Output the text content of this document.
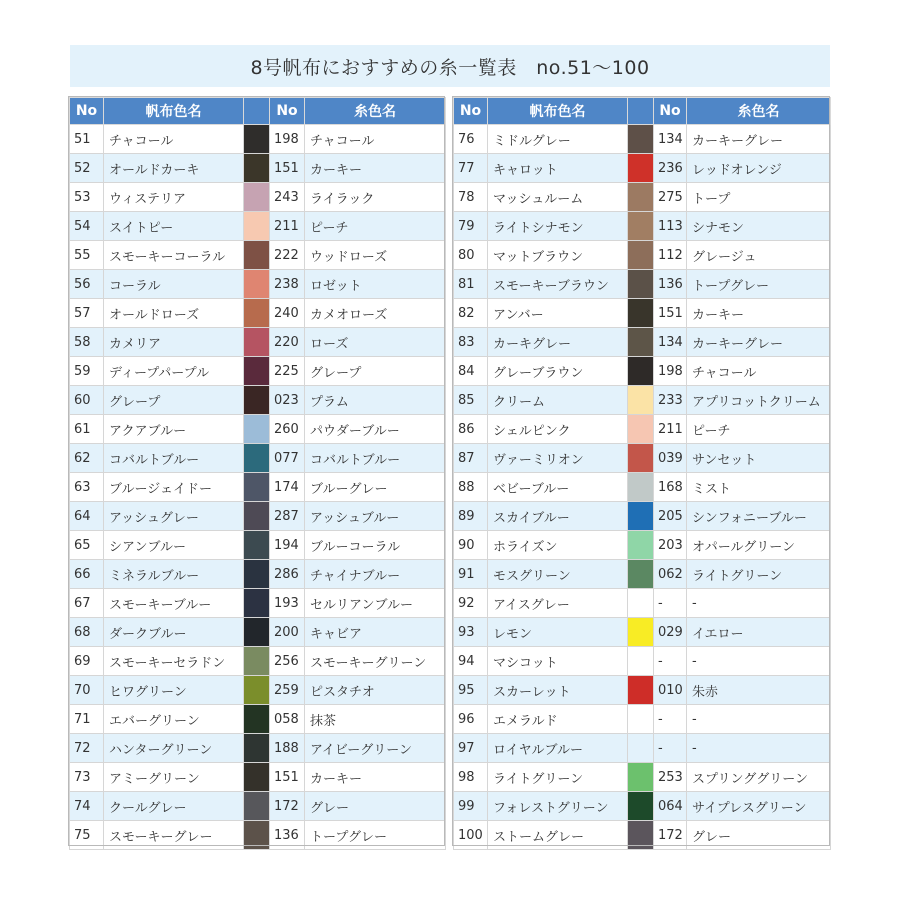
8号帆布におすすめの糸一覧表　no.51～100
No	帆布色名		No	糸色名
51	チャコール		198	チャコール
52	オールドカーキ		151	カーキー
53	ウィステリア		243	ライラック
54	スイトピー		211	ピーチ
55	スモーキーコーラル		222	ウッドローズ
56	コーラル		238	ロゼット
57	オールドローズ		240	カメオローズ
58	カメリア		220	ローズ
59	ディープパープル		225	グレープ
60	グレープ		023	プラム
61	アクアブルー		260	パウダーブルー
62	コバルトブルー		077	コバルトブルー
63	ブルージェイドー		174	ブルーグレー
64	アッシュグレー		287	アッシュブルー
65	シアンブルー		194	ブルーコーラル
66	ミネラルブルー		286	チャイナブルー
67	スモーキーブルー		193	セルリアンブルー
68	ダークブルー		200	キャビア
69	スモーキーセラドン		256	スモーキーグリーン
70	ヒワグリーン		259	ピスタチオ
71	エバーグリーン		058	抹茶
72	ハンターグリーン		188	アイビーグリーン
73	アミーグリーン		151	カーキー
74	クールグレー		172	グレー
75	スモーキーグレー		136	トープグレー
No	帆布色名		No	糸色名
76	ミドルグレー		134	カーキーグレー
77	キャロット		236	レッドオレンジ
78	マッシュルーム		275	トープ
79	ライトシナモン		113	シナモン
80	マットブラウン		112	グレージュ
81	スモーキーブラウン		136	トープグレー
82	アンバー		151	カーキー
83	カーキグレー		134	カーキーグレー
84	グレーブラウン		198	チャコール
85	クリーム		233	アプリコットクリーム
86	シェルピンク		211	ピーチ
87	ヴァーミリオン		039	サンセット
88	ベビーブルー		168	ミスト
89	スカイブルー		205	シンフォニーブルー
90	ホライズン		203	オパールグリーン
91	モスグリーン		062	ライトグリーン
92	アイスグレー		-	-
93	レモン		029	イエロー
94	マシコット		-	-
95	スカーレット		010	朱赤
96	エメラルド		-	-
97	ロイヤルブルー		-	-
98	ライトグリーン		253	スプリンググリーン
99	フォレストグリーン		064	サイプレスグリーン
100	ストームグレー		172	グレー
